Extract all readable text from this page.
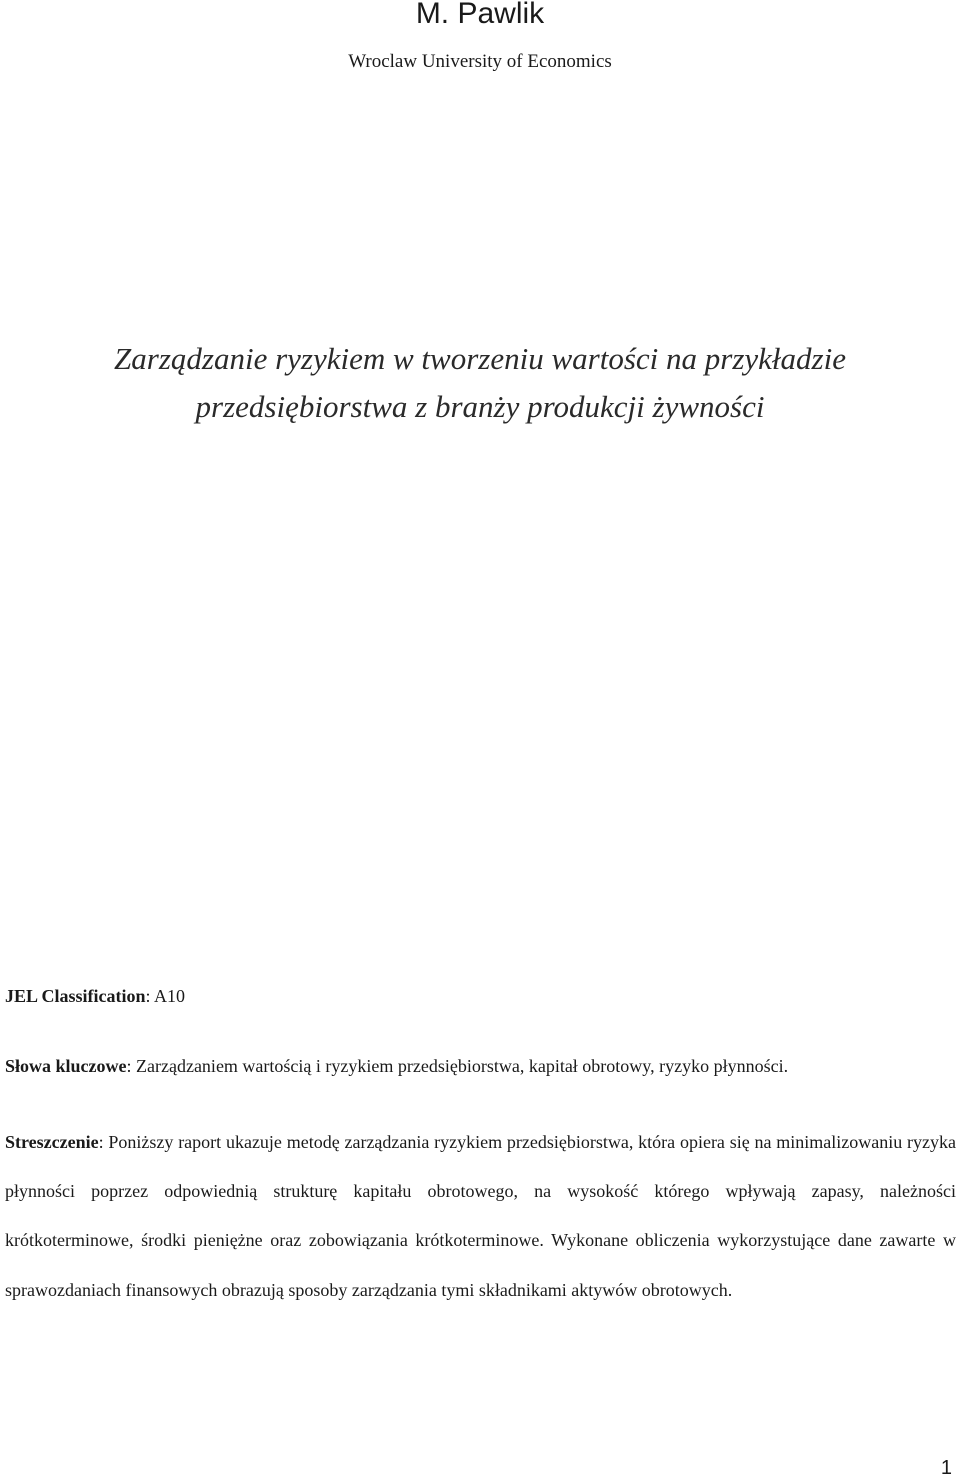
M. Pawlik
Wroclaw University of Economics
Zarządzanie ryzykiem w tworzeniu wartości na przykładzie
przedsiębiorstwa z branży produkcji żywności

JEL Classification: A10

Słowa kluczowe: Zarządzaniem wartością i ryzykiem przedsiębiorstwa, kapitał obrotowy, ryzyko płynności.

Streszczenie: Poniższy raport ukazuje metodę zarządzania ryzykiem przedsiębiorstwa, która opiera się na minimalizowaniu ryzyka płynności poprzez odpowiednią strukturę kapitału obrotowego, na wysokość którego wpływają zapasy, należności krótkoterminowe, środki pieniężne oraz zobowiązania krótkoterminowe. Wykonane obliczenia wykorzystujące dane zawarte w sprawozdaniach finansowych obrazują sposoby zarządzania tymi składnikami aktywów obrotowych.

1
